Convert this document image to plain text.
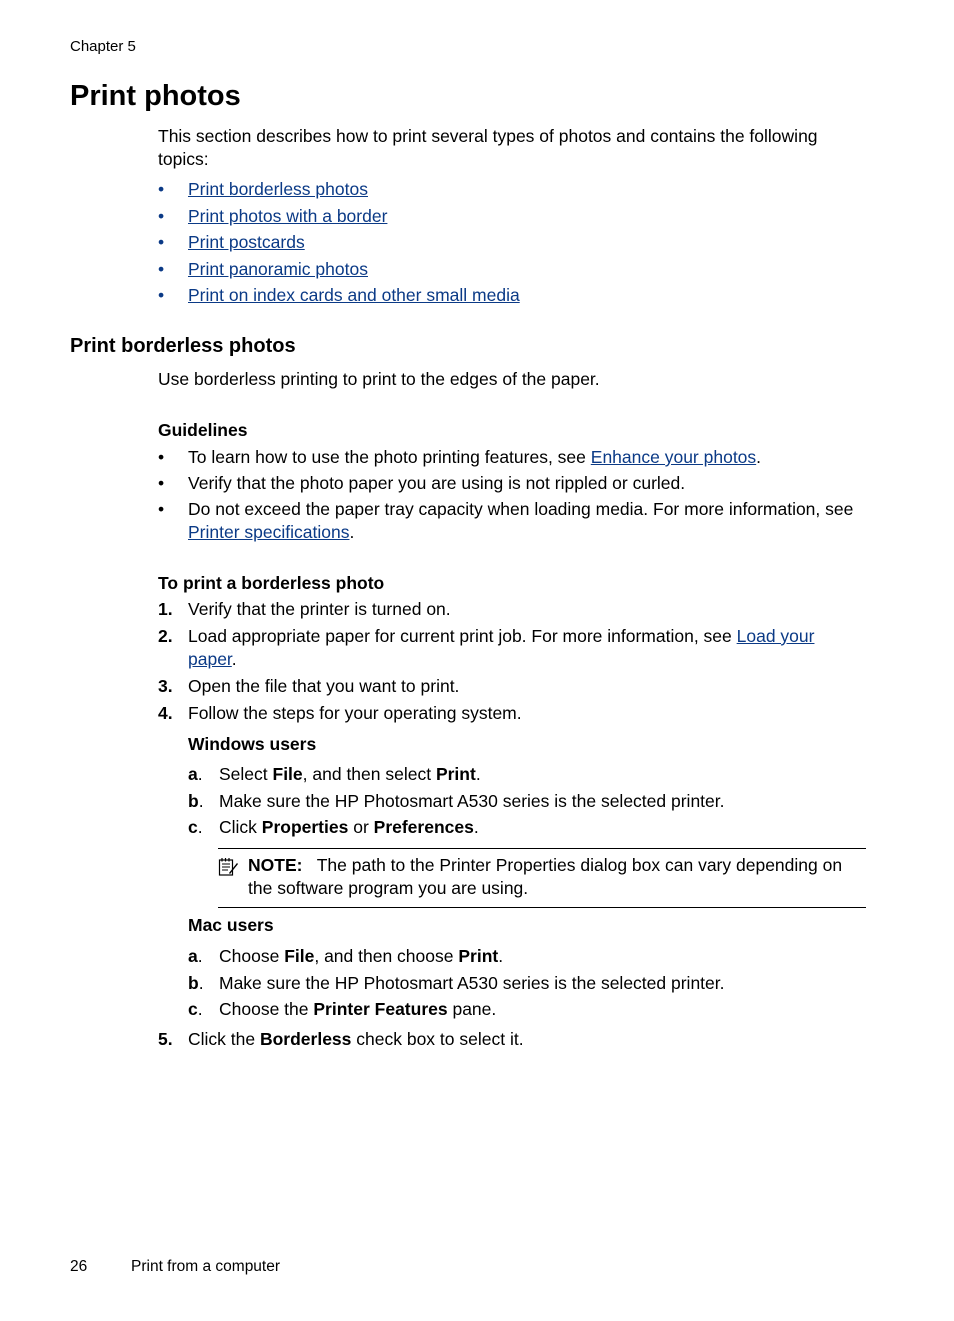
Chapter 5
Print photos
This section describes how to print several types of photos and contains the following topics:
• Print borderless photos
• Print photos with a border
• Print postcards
• Print panoramic photos
• Print on index cards and other small media
Print borderless photos
Use borderless printing to print to the edges of the paper.
Guidelines
• To learn how to use the photo printing features, see Enhance your photos.
• Verify that the photo paper you are using is not rippled or curled.
• Do not exceed the paper tray capacity when loading media. For more information, see Printer specifications.
To print a borderless photo
1. Verify that the printer is turned on.
2. Load appropriate paper for current print job. For more information, see Load your paper.
3. Open the file that you want to print.
4. Follow the steps for your operating system.
Windows users
a. Select File, and then select Print.
b. Make sure the HP Photosmart A530 series is the selected printer.
c. Click Properties or Preferences.
NOTE: The path to the Printer Properties dialog box can vary depending on the software program you are using.
Mac users
a. Choose File, and then choose Print.
b. Make sure the HP Photosmart A530 series is the selected printer.
c. Choose the Printer Features pane.
5. Click the Borderless check box to select it.
26	Print from a computer
